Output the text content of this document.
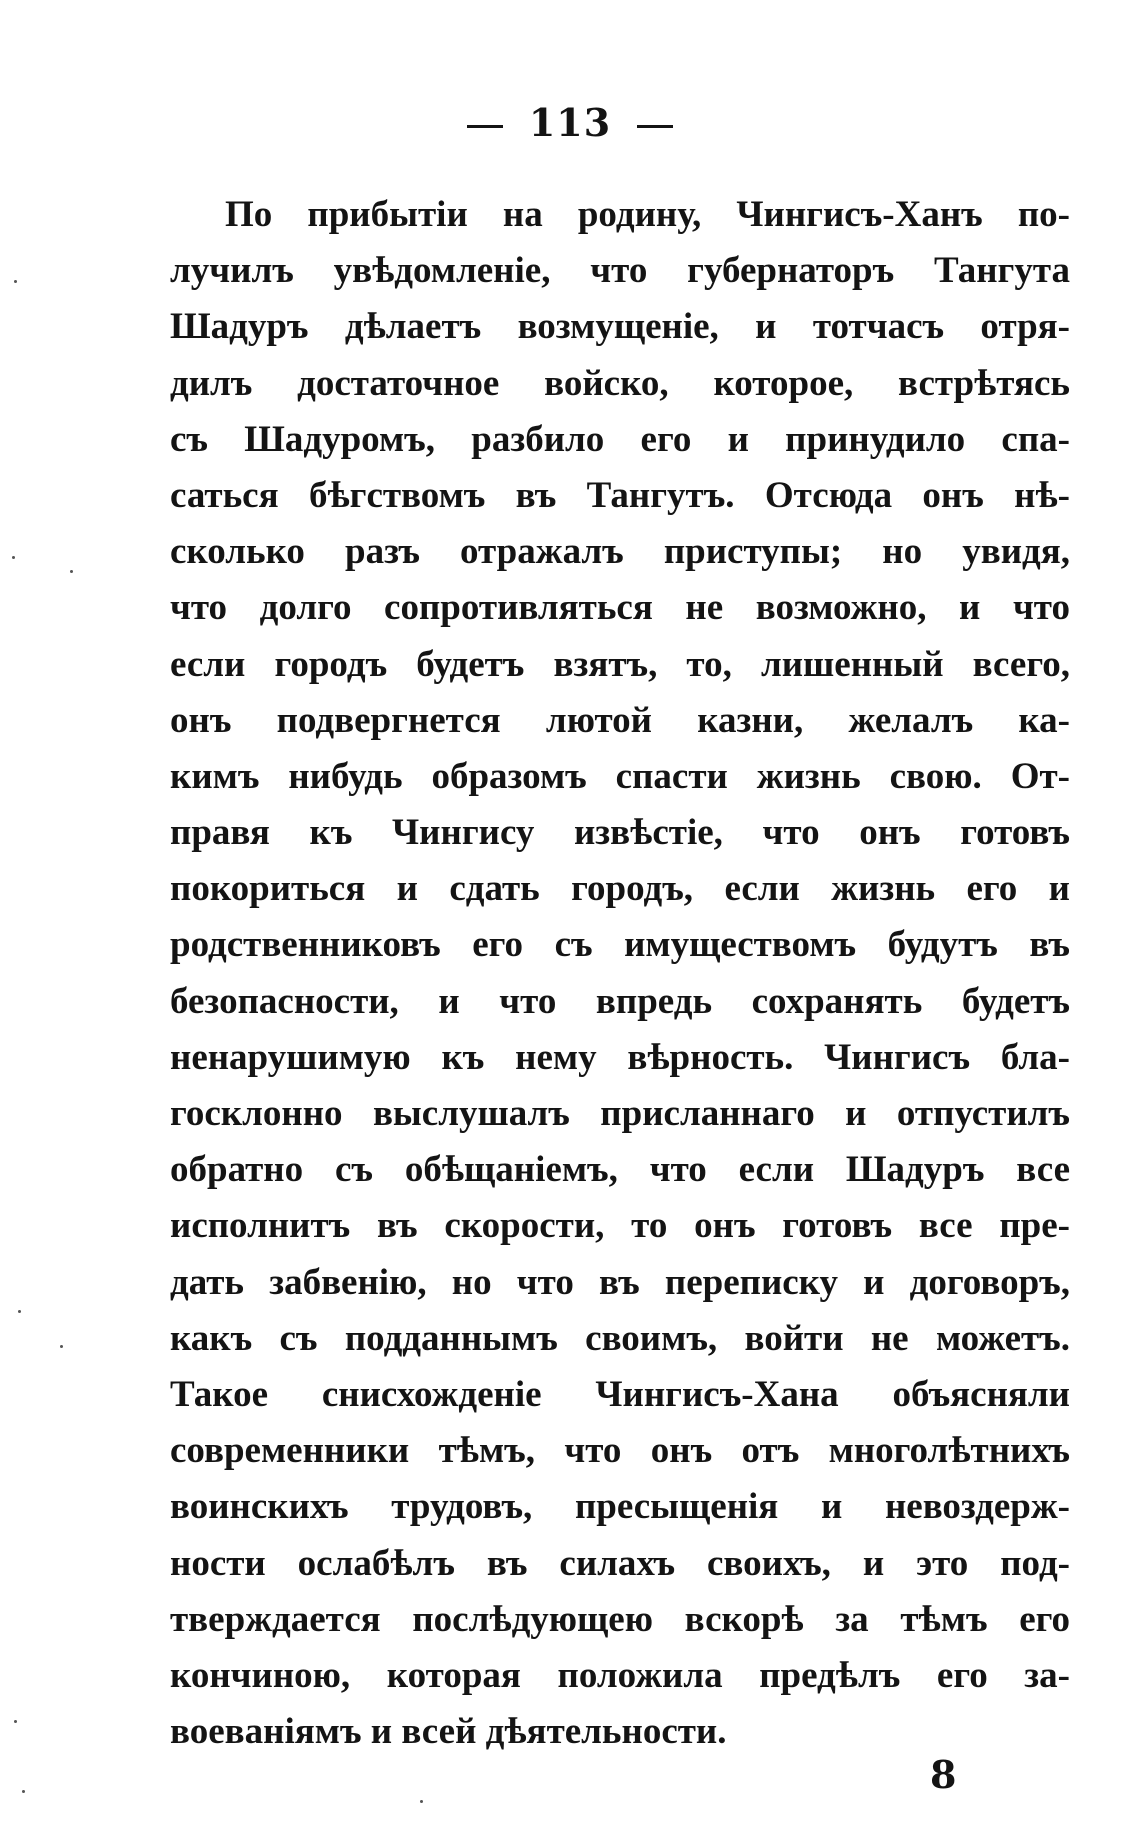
113
По прибытіи на родину, Чингисъ-Ханъ по-
лучилъ увѣдомленіе, что губернаторъ Тангута
Шадуръ дѣлаетъ возмущеніе, и тотчасъ отря-
дилъ достаточное войско, которое, встрѣтясь
съ Шадуромъ, разбило его и принудило спа-
саться бѣгствомъ въ Тангутъ. Отсюда онъ нѣ-
сколько разъ отражалъ приступы; но увидя,
что долго сопротивляться не возможно, и что
если городъ будетъ взятъ, то, лишенный всего,
онъ подвергнется лютой казни, желалъ ка-
кимъ нибудь образомъ спасти жизнь свою. От-
правя къ Чингису извѣстіе, что онъ готовъ
покориться и сдать городъ, если жизнь его и
родственниковъ его съ имуществомъ будутъ въ
безопасности, и что впредь сохранять будетъ
ненарушимую къ нему вѣрность. Чингисъ бла-
госклонно выслушалъ присланнаго и отпустилъ
обратно съ обѣщаніемъ, что если Шадуръ все
исполнитъ въ скорости, то онъ готовъ все пре-
дать забвенію, но что въ переписку и договоръ,
какъ съ подданнымъ своимъ, войти не можетъ.
Такое снисхожденіе Чингисъ-Хана объясняли
современники тѣмъ, что онъ отъ многолѣтнихъ
воинскихъ трудовъ, пресыщенія и невоздерж-
ности ослабѣлъ въ силахъ своихъ, и это под-
тверждается послѣдующею вскорѣ за тѣмъ его
кончиною, которая положила предѣлъ его за-
воеваніямъ и всей дѣятельности.
8
